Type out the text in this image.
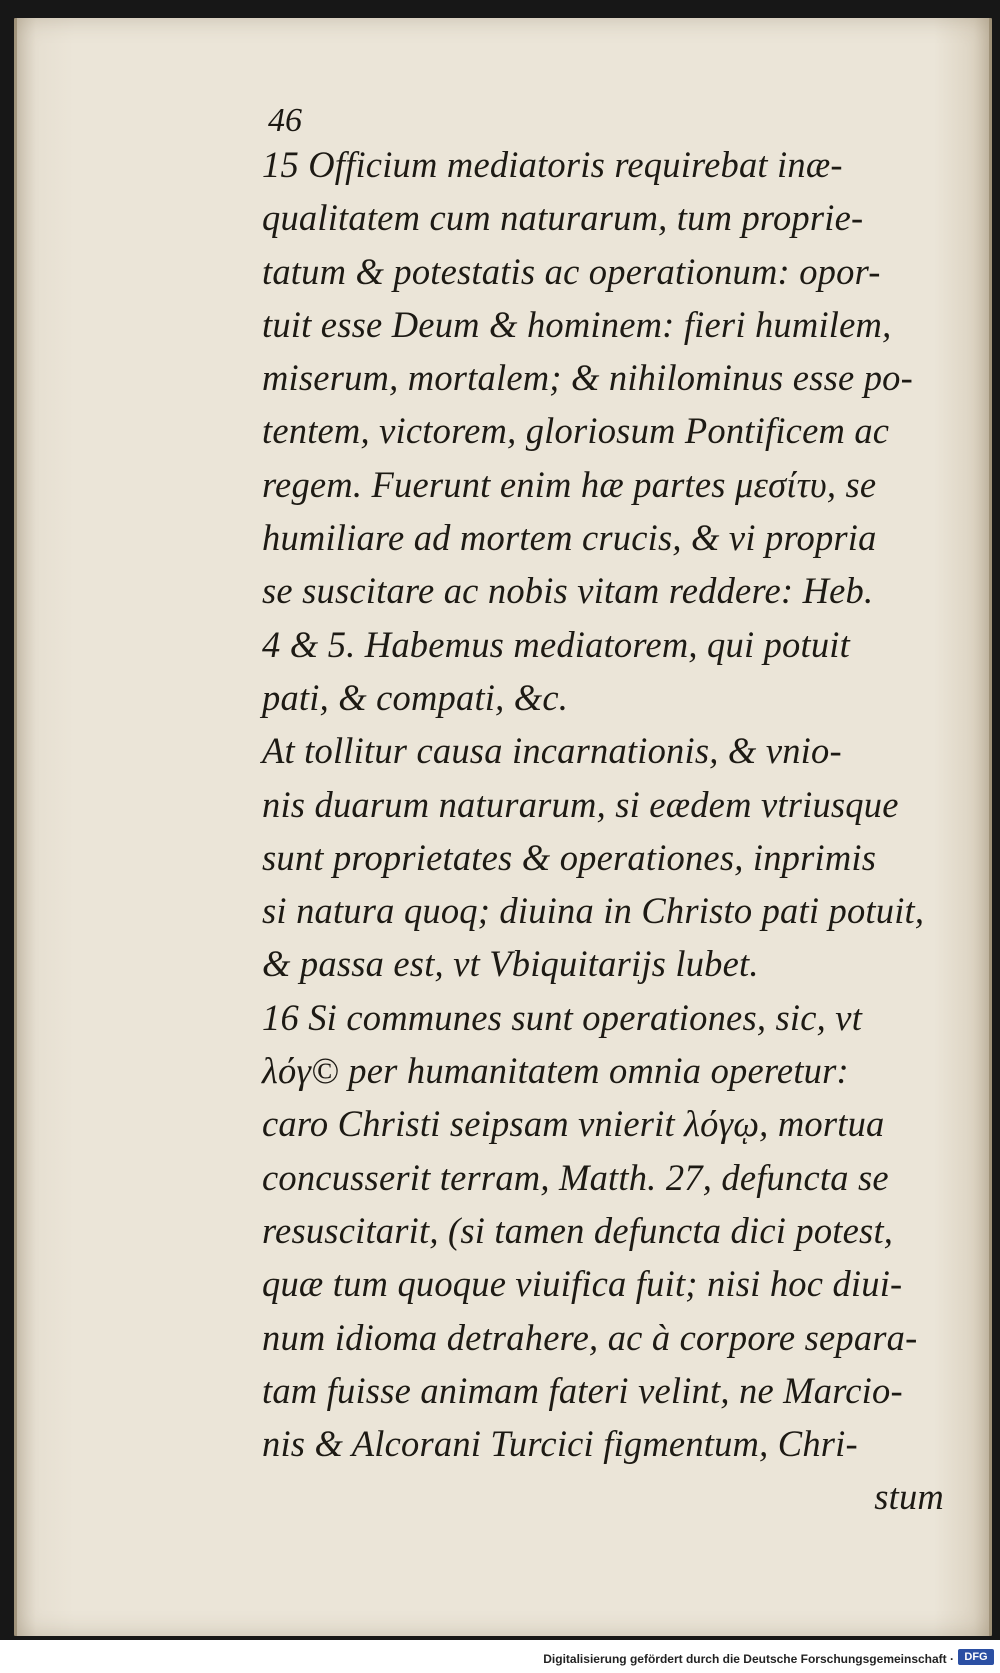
46
15 Officium mediatoris requirebat inæ-
qualitatem cum naturarum, tum proprie-
tatum & potestatis ac operationum: opor-
tuit esse Deum & hominem: fieri humilem,
miserum, mortalem; & nihilominus esse po-
tentem, victorem, gloriosum Pontificem ac
regem. Fuerunt enim hæ partes μεσίτυ, se
humiliare ad mortem crucis, & vi propria
se suscitare ac nobis vitam reddere: Heb.
4 & 5. Habemus mediatorem, qui potuit
pati, & compati, &c.
At tollitur causa incarnationis, & vnio-
nis duarum naturarum, si eædem vtriusque
sunt proprietates & operationes, inprimis
si natura quoq; diuina in Christo pati potuit,
& passa est, vt Vbiquitarijs lubet.
16 Si communes sunt operationes, sic, vt
λόγ© per humanitatem omnia operetur:
caro Christi seipsam vnierit λόγῳ, mortua
concusserit terram, Matth. 27, defuncta se
resuscitarit, (si tamen defuncta dici potest,
quæ tum quoque viuifica fuit; nisi hoc diui-
num idioma detrahere, ac à corpore separa-
tam fuisse animam fateri velint, ne Marcio-
nis & Alcorani Turcici figmentum, Chri-
stum
Digitalisierung gefördert durch die Deutsche Forschungsgemeinschaft · DFG
